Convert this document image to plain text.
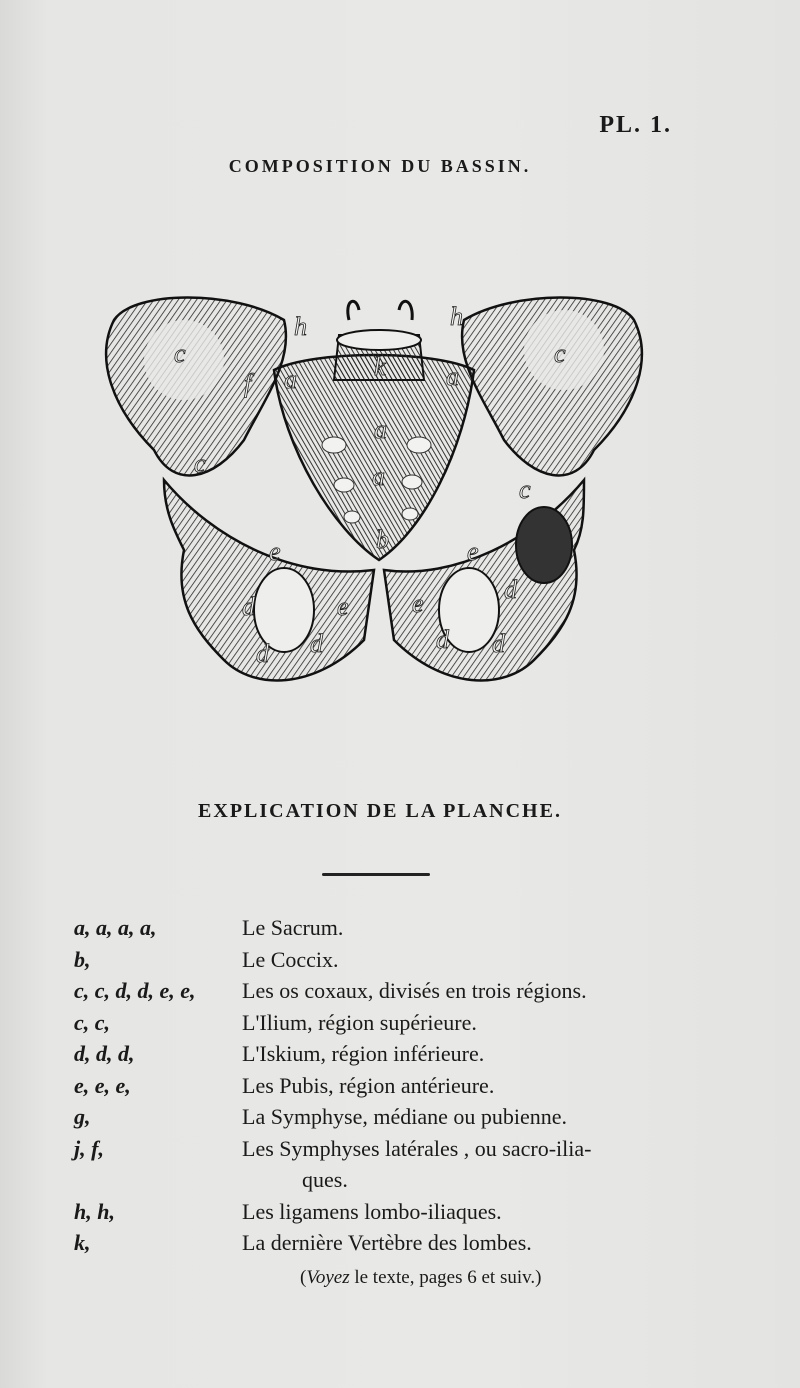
PL. 1.
COMPOSITION DU BASSIN.
c	c
c
c
f
h	h
k
a	a
a
a
b
e	e
e e
d
d d
d
d d
EXPLICATION DE LA PLANCHE.
a, a, a, a,	Le Sacrum.
b,	Le Coccix.
c, c, d, d, e, e, Les os coxaux, divisés en trois régions.
c, c,	L'Ilium, région supérieure.
d, d, d,	L'Iskium, région inférieure.
e, e, e,	Les Pubis, région antérieure.
g,	La Symphyse, médiane ou pubienne.
j, f,	Les Symphyses latérales , ou sacro-ilia-
ques.
h, h,	Les ligamens lombo-iliaques.
k,	La dernière Vertèbre des lombes.
(Voyez le texte, pages 6 et suiv.)
